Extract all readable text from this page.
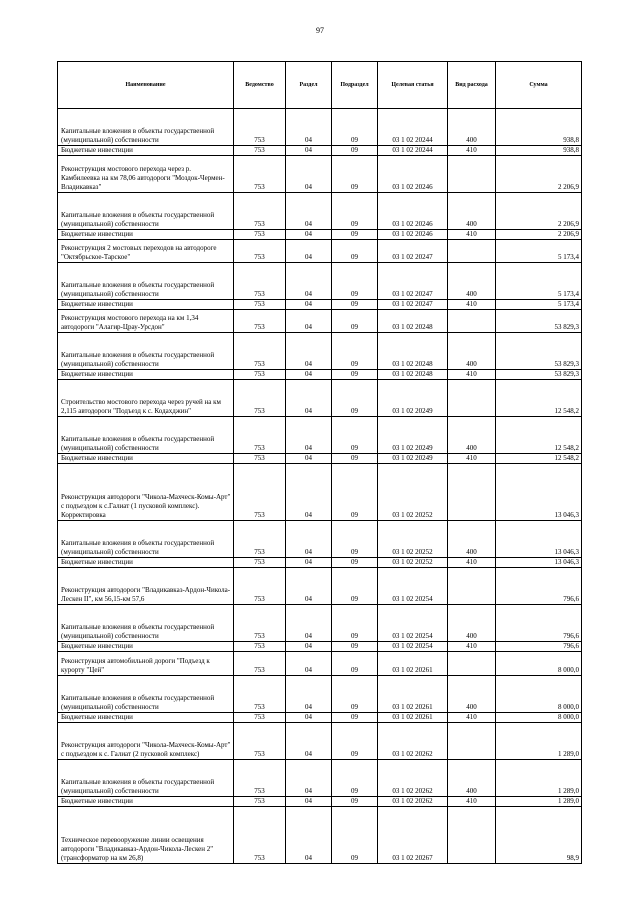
97
Наименование	Ведомство	Раздел	Подраздел	Целевая статья	Вид расхода	Сумма
Капитальные вложения в объекты государственной (муниципальной) собственности	753	04	09	03 1 02 20244	400	938,8
Бюджетные инвестиции	753	04	09	03 1 02 20244	410	938,8
Реконструкция мостового перехода через р. Камбилеевка на км 78,06 автодороги "Моздок-Чермен-Владикавказ"	753	04	09	03 1 02 20246		2 206,9
Капитальные вложения в объекты государственной (муниципальной) собственности	753	04	09	03 1 02 20246	400	2 206,9
Бюджетные инвестиции	753	04	09	03 1 02 20246	410	2 206,9
Реконструкция 2 мостовых переходов на автодороге "Октябрьское-Тарское"	753	04	09	03 1 02 20247		5 173,4
Капитальные вложения в объекты государственной (муниципальной) собственности	753	04	09	03 1 02 20247	400	5 173,4
Бюджетные инвестиции	753	04	09	03 1 02 20247	410	5 173,4
Реконструкция мостового перехода на км 1,34 автодороги "Алагир-Црау-Урсдон"	753	04	09	03 1 02 20248		53 829,3
Капитальные вложения в объекты государственной (муниципальной) собственности	753	04	09	03 1 02 20248	400	53 829,3
Бюджетные инвестиции	753	04	09	03 1 02 20248	410	53 829,3
Строительство мостового перехода через ручей на км 2,115 автодороги "Подъезд к с. Кодахджин"	753	04	09	03 1 02 20249		12 548,2
Капитальные вложения в объекты государственной (муниципальной) собственности	753	04	09	03 1 02 20249	400	12 548,2
Бюджетные инвестиции	753	04	09	03 1 02 20249	410	12 548,2
Реконструкция автодороги "Чикола-Махческ-Комы-Арт" с подъездом к с.Галиат (1 пусковой комплекс). Корректировка	753	04	09	03 1 02 20252		13 046,3
Капитальные вложения в объекты государственной (муниципальной) собственности	753	04	09	03 1 02 20252	400	13 046,3
Бюджетные инвестиции	753	04	09	03 1 02 20252	410	13 046,3
Реконструкция автодороги "Владикавказ-Ардон-Чикола-Лескен II", км 56,15-км 57,6	753	04	09	03 1 02 20254		796,6
Капитальные вложения в объекты государственной (муниципальной) собственности	753	04	09	03 1 02 20254	400	796,6
Бюджетные инвестиции	753	04	09	03 1 02 20254	410	796,6
Реконструкция автомобильной дороги "Подъезд к курорту "Цей"	753	04	09	03 1 02 20261		8 000,0
Капитальные вложения в объекты государственной (муниципальной) собственности	753	04	09	03 1 02 20261	400	8 000,0
Бюджетные инвестиции	753	04	09	03 1 02 20261	410	8 000,0
Реконструкция автодороги "Чикола-Махческ-Комы-Арт" с подъездом к с. Галиат (2 пусковой комплекс)	753	04	09	03 1 02 20262		1 289,0
Капитальные вложения в объекты государственной (муниципальной) собственности	753	04	09	03 1 02 20262	400	1 289,0
Бюджетные инвестиции	753	04	09	03 1 02 20262	410	1 289,0
Техническое перевооружение линии освещения автодороги "Владикавказ-Ардон-Чикола-Лескен 2" (трансформатор на км 26,8)	753	04	09	03 1 02 20267		98,9
